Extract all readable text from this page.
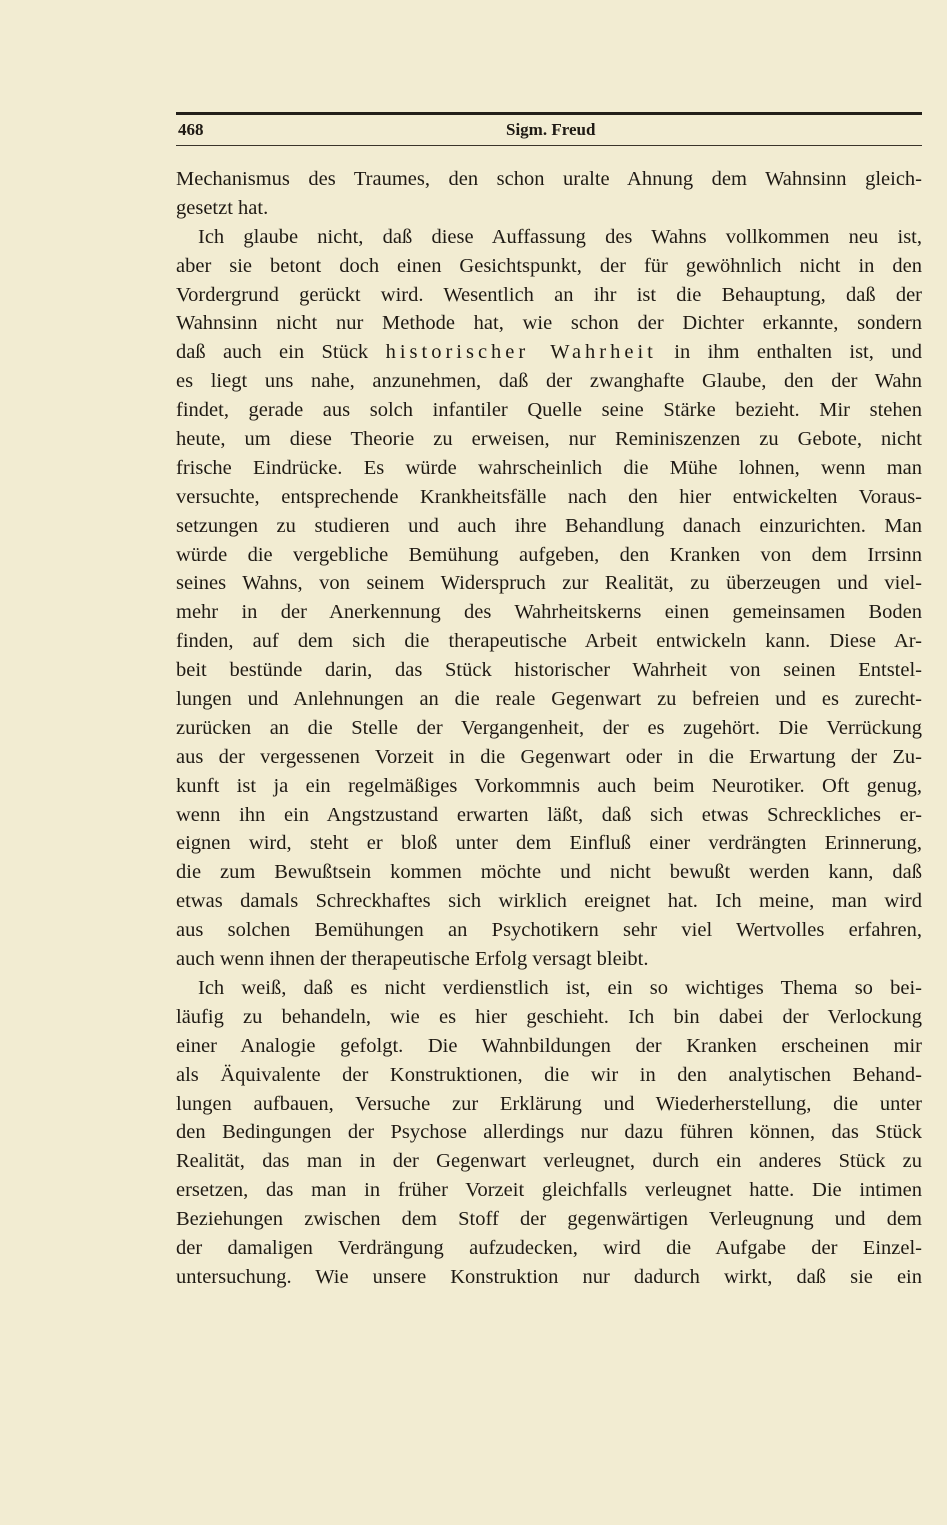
468	Sigm. Freud
Mechanismus des Traumes, den schon uralte Ahnung dem Wahnsinn gleich-
gesetzt hat.
Ich glaube nicht, daß diese Auffassung des Wahns vollkommen neu ist,
aber sie betont doch einen Gesichtspunkt, der für gewöhnlich nicht in den
Vordergrund gerückt wird. Wesentlich an ihr ist die Behauptung, daß der
Wahnsinn nicht nur Methode hat, wie schon der Dichter erkannte, sondern
daß auch ein Stück historischer Wahrheit in ihm enthalten ist, und
es liegt uns nahe, anzunehmen, daß der zwanghafte Glaube, den der Wahn
findet, gerade aus solch infantiler Quelle seine Stärke bezieht. Mir stehen
heute, um diese Theorie zu erweisen, nur Reminiszenzen zu Gebote, nicht
frische Eindrücke. Es würde wahrscheinlich die Mühe lohnen, wenn man
versuchte, entsprechende Krankheitsfälle nach den hier entwickelten Voraus-
setzungen zu studieren und auch ihre Behandlung danach einzurichten. Man
würde die vergebliche Bemühung aufgeben, den Kranken von dem Irrsinn
seines Wahns, von seinem Widerspruch zur Realität, zu überzeugen und viel-
mehr in der Anerkennung des Wahrheitskerns einen gemeinsamen Boden
finden, auf dem sich die therapeutische Arbeit entwickeln kann. Diese Ar-
beit bestünde darin, das Stück historischer Wahrheit von seinen Entstel-
lungen und Anlehnungen an die reale Gegenwart zu befreien und es zurecht-
zurücken an die Stelle der Vergangenheit, der es zugehört. Die Verrückung
aus der vergessenen Vorzeit in die Gegenwart oder in die Erwartung der Zu-
kunft ist ja ein regelmäßiges Vorkommnis auch beim Neurotiker. Oft genug,
wenn ihn ein Angstzustand erwarten läßt, daß sich etwas Schreckliches er-
eignen wird, steht er bloß unter dem Einfluß einer verdrängten Erinnerung,
die zum Bewußtsein kommen möchte und nicht bewußt werden kann, daß
etwas damals Schreckhaftes sich wirklich ereignet hat. Ich meine, man wird
aus solchen Bemühungen an Psychotikern sehr viel Wertvolles erfahren,
auch wenn ihnen der therapeutische Erfolg versagt bleibt.
Ich weiß, daß es nicht verdienstlich ist, ein so wichtiges Thema so bei-
läufig zu behandeln, wie es hier geschieht. Ich bin dabei der Verlockung
einer Analogie gefolgt. Die Wahnbildungen der Kranken erscheinen mir
als Äquivalente der Konstruktionen, die wir in den analytischen Behand-
lungen aufbauen, Versuche zur Erklärung und Wiederherstellung, die unter
den Bedingungen der Psychose allerdings nur dazu führen können, das Stück
Realität, das man in der Gegenwart verleugnet, durch ein anderes Stück zu
ersetzen, das man in früher Vorzeit gleichfalls verleugnet hatte. Die intimen
Beziehungen zwischen dem Stoff der gegenwärtigen Verleugnung und dem
der damaligen Verdrängung aufzudecken, wird die Aufgabe der Einzel-
untersuchung. Wie unsere Konstruktion nur dadurch wirkt, daß sie ein
